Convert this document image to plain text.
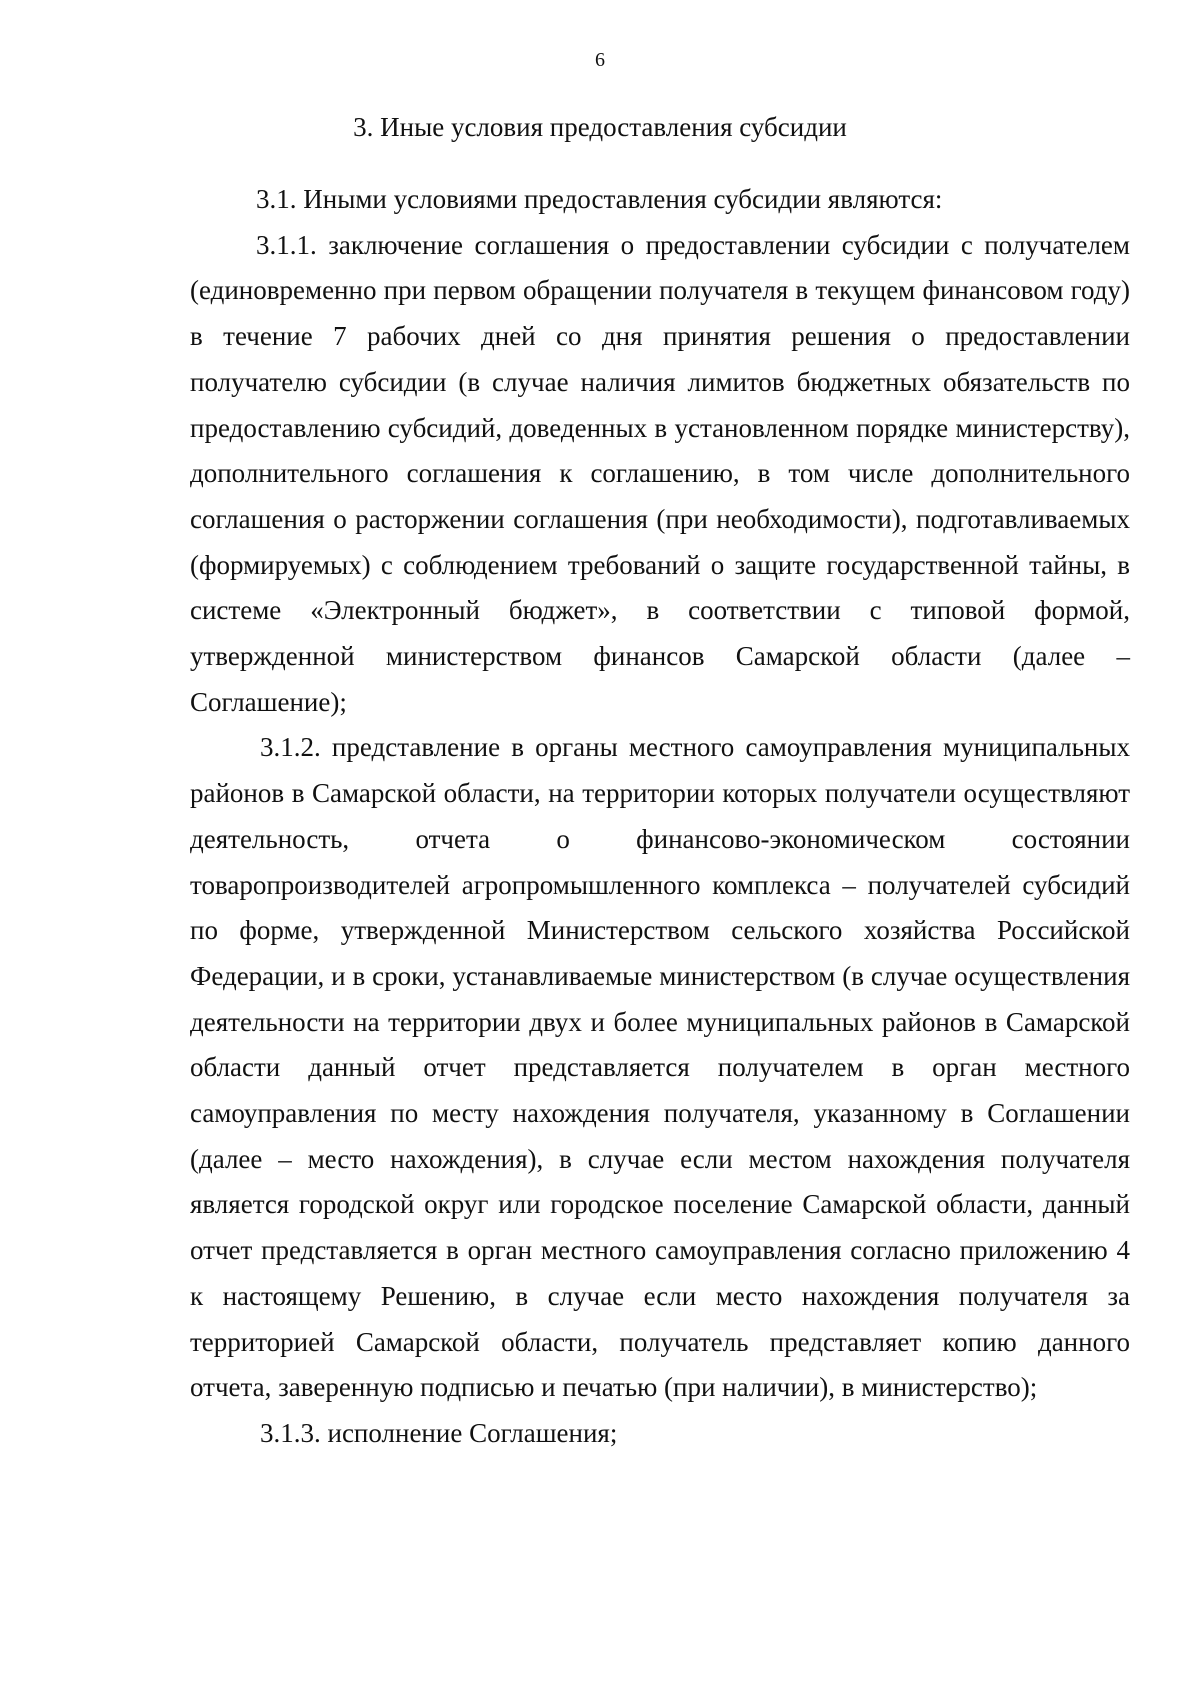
6
3. Иные условия предоставления субсидии

3.1. Иными условиями предоставления субсидии являются:

3.1.1. заключение соглашения о предоставлении субсидии с получателем (единовременно при первом обращении получателя в текущем финансовом году) в течение 7 рабочих дней со дня принятия решения о предоставлении получателю субсидии (в случае наличия лимитов бюджетных обязательств по предоставлению субсидий, доведенных в установленном порядке министерству), дополнительного соглашения к соглашению, в том числе дополнительного соглашения о расторжении соглашения (при необходимости), подготавливаемых (формируемых) с соблюдением требований о защите государственной тайны, в системе «Электронный бюджет», в соответствии с типовой формой, утвержденной министерством финансов Самарской области (далее – Соглашение);

3.1.2. представление в органы местного самоуправления муниципальных районов в Самарской области, на территории которых получатели осуществляют деятельность, отчета о финансово-экономическом состоянии товаропроизводителей агропромышленного комплекса – получателей субсидий по форме, утвержденной Министерством сельского хозяйства Российской Федерации, и в сроки, устанавливаемые министерством (в случае осуществления деятельности на территории двух и более муниципальных районов в Самарской области данный отчет представляется получателем в орган местного самоуправления по месту нахождения получателя, указанному в Соглашении (далее – место нахождения), в случае если местом нахождения получателя является городской округ или городское поселение Самарской области, данный отчет представляется в орган местного самоуправления согласно приложению 4 к настоящему Решению, в случае если место нахождения получателя за территорией Самарской области, получатель представляет копию данного отчета, заверенную подписью и печатью (при наличии), в министерство);

3.1.3. исполнение Соглашения;
